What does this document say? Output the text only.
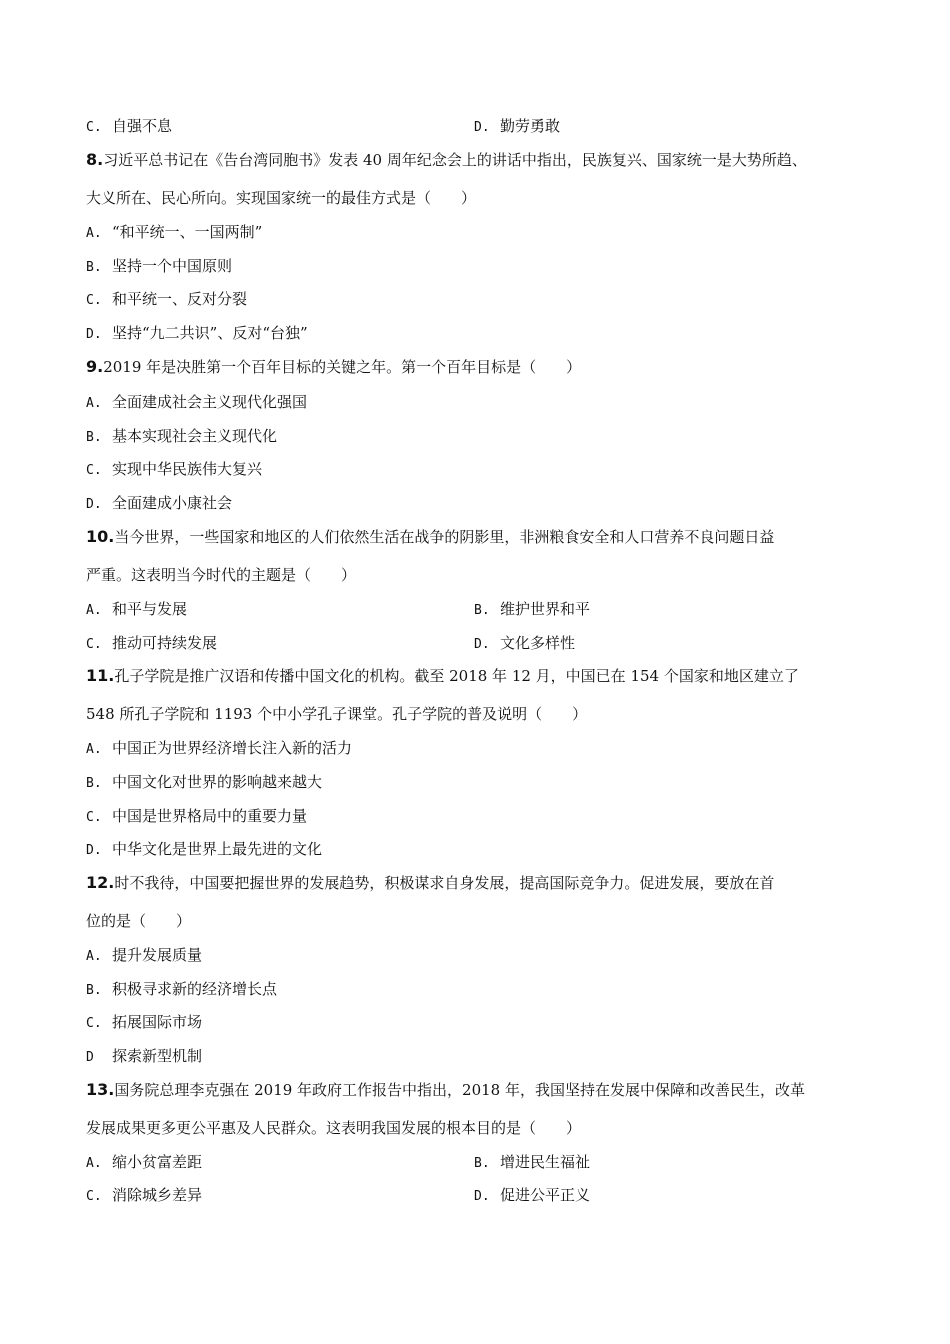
C. 自强不息	D. 勤劳勇敢
8.习近平总书记在《告台湾同胞书》发表 40 周年纪念会上的讲话中指出，民族复兴、国家统一是大势所趋、
大义所在、民心所向。实现国家统一的最佳方式是（　　）
A. “和平统一、一国两制”
B. 坚持一个中国原则
C. 和平统一、反对分裂
D. 坚持“九二共识”、反对“台独”
9.2019 年是决胜第一个百年目标的关键之年。第一个百年目标是（　　）
A. 全面建成社会主义现代化强国
B. 基本实现社会主义现代化
C. 实现中华民族伟大复兴
D. 全面建成小康社会
10.当今世界，一些国家和地区的人们依然生活在战争的阴影里，非洲粮食安全和人口营养不良问题日益
严重。这表明当今时代的主题是（　　）
A. 和平与发展	B. 维护世界和平
C. 推动可持续发展	D. 文化多样性
11.孔子学院是推广汉语和传播中国文化的机构。截至 2018 年 12 月，中国已在 154 个国家和地区建立了
548 所孔子学院和 1193 个中小学孔子课堂。孔子学院的普及说明（　　）
A. 中国正为世界经济增长注入新的活力
B. 中国文化对世界的影响越来越大
C. 中国是世界格局中的重要力量
D. 中华文化是世界上最先进的文化
12.时不我待，中国要把握世界的发展趋势，积极谋求自身发展，提高国际竞争力。促进发展，要放在首
位的是（　　）
A. 提升发展质量
B. 积极寻求新的经济增长点
C. 拓展国际市场
D 探索新型机制
13.国务院总理李克强在 2019 年政府工作报告中指出，2018 年，我国坚持在发展中保障和改善民生，改革
发展成果更多更公平惠及人民群众。这表明我国发展的根本目的是（　　）
A. 缩小贫富差距	B. 增进民生福祉
C. 消除城乡差异	D. 促进公平正义
